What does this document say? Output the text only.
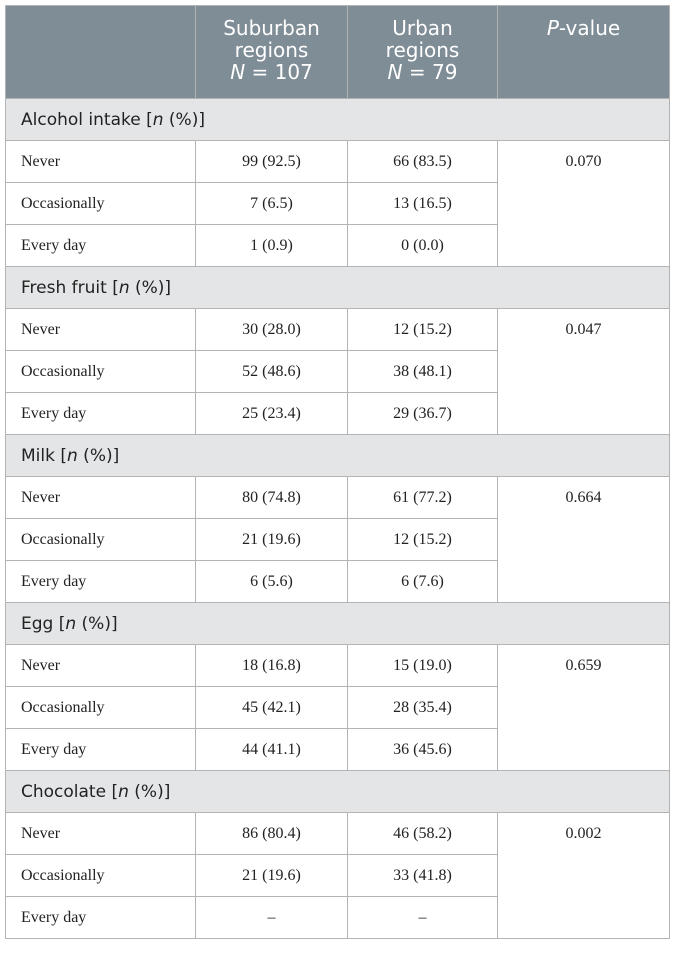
	Suburban
regions
N = 107	Urban
regions
N = 79	P-value
Alcohol intake [n (%)]			
Never	99 (92.5)	66 (83.5)	0.070
Occasionally	7 (6.5)	13 (16.5)	
Every day	1 (0.9)	0 (0.0)	
Fresh fruit [n (%)]			
Never	30 (28.0)	12 (15.2)	0.047
Occasionally	52 (48.6)	38 (48.1)	
Every day	25 (23.4)	29 (36.7)	
Milk [n (%)]			
Never	80 (74.8)	61 (77.2)	0.664
Occasionally	21 (19.6)	12 (15.2)	
Every day	6 (5.6)	6 (7.6)	
Egg [n (%)]			
Never	18 (16.8)	15 (19.0)	0.659
Occasionally	45 (42.1)	28 (35.4)	
Every day	44 (41.1)	36 (45.6)	
Chocolate [n (%)]			
Never	86 (80.4)	46 (58.2)	0.002
Occasionally	21 (19.6)	33 (41.8)	
Every day	–	–	
